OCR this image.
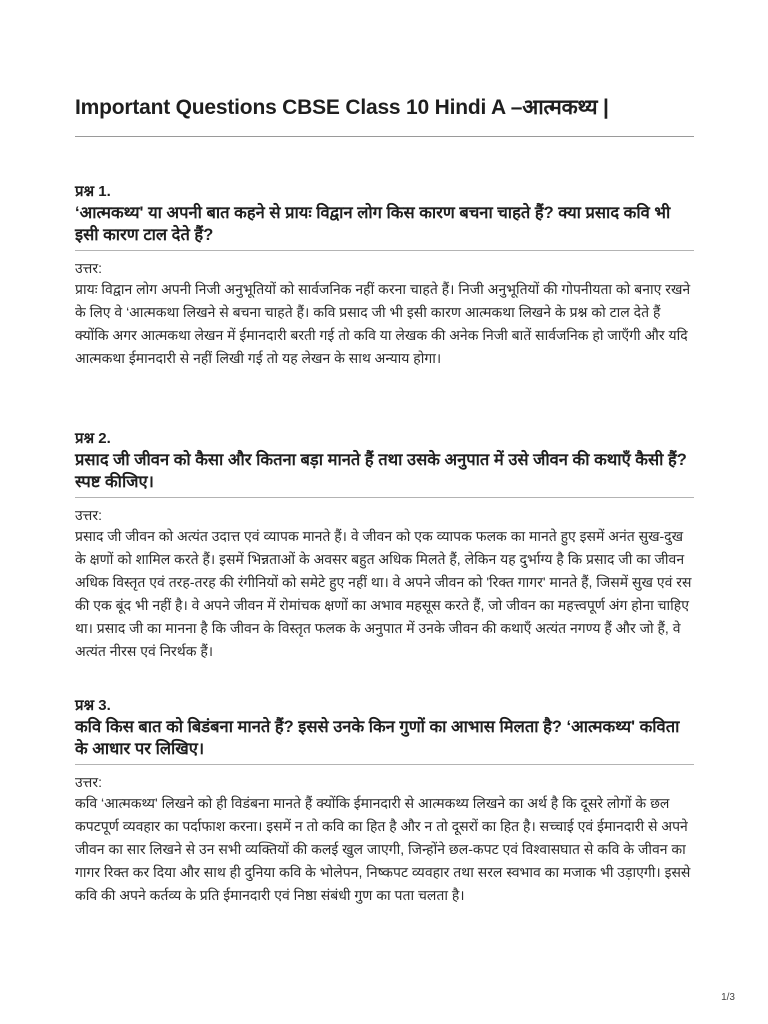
Important Questions CBSE Class 10 Hindi A –आत्मकथ्य |
प्रश्न 1.
‘आत्मकथ्य' या अपनी बात कहने से प्रायः विद्वान लोग किस कारण बचना चाहते हैं? क्या प्रसाद कवि भी इसी कारण टाल देते हैं?
उत्तर:
प्रायः विद्वान लोग अपनी निजी अनुभूतियों को सार्वजनिक नहीं करना चाहते हैं। निजी अनुभूतियों की गोपनीयता को बनाए रखने के लिए वे ‘आत्मकथा लिखने से बचना चाहते हैं। कवि प्रसाद जी भी इसी कारण आत्मकथा लिखने के प्रश्न को टाल देते हैं क्योंकि अगर आत्मकथा लेखन में ईमानदारी बरती गई तो कवि या लेखक की अनेक निजी बातें सार्वजनिक हो जाएँगी और यदि आत्मकथा ईमानदारी से नहीं लिखी गई तो यह लेखन के साथ अन्याय होगा।
प्रश्न 2.
प्रसाद जी जीवन को कैसा और कितना बड़ा मानते हैं तथा उसके अनुपात में उसे जीवन की कथाएँ कैसी हैं? स्पष्ट कीजिए।
उत्तर:
प्रसाद जी जीवन को अत्यंत उदात्त एवं व्यापक मानते हैं। वे जीवन को एक व्यापक फलक का मानते हुए इसमें अनंत सुख-दुख के क्षणों को शामिल करते हैं। इसमें भिन्नताओं के अवसर बहुत अधिक मिलते हैं, लेकिन यह दुर्भाग्य है कि प्रसाद जी का जीवन अधिक विस्तृत एवं तरह-तरह की रंगीनियों को समेटे हुए नहीं था। वे अपने जीवन को 'रिक्त गागर' मानते हैं, जिसमें सुख एवं रस की एक बूंद भी नहीं है। वे अपने जीवन में रोमांचक क्षणों का अभाव महसूस करते हैं, जो जीवन का महत्त्वपूर्ण अंग होना चाहिए था। प्रसाद जी का मानना है कि जीवन के विस्तृत फलक के अनुपात में उनके जीवन की कथाएँ अत्यंत नगण्य हैं और जो हैं, वे अत्यंत नीरस एवं निरर्थक हैं।
प्रश्न 3.
कवि किस बात को बिडंबना मानते हैं? इससे उनके किन गुणों का आभास मिलता है? ‘आत्मकथ्य' कविता के आधार पर लिखिए।
उत्तर:
कवि ‘आत्मकथ्य' लिखने को ही विडंबना मानते हैं क्योंकि ईमानदारी से आत्मकथ्य लिखने का अर्थ है कि दूसरे लोगों के छल कपटपूर्ण व्यवहार का पर्दाफाश करना। इसमें न तो कवि का हित है और न तो दूसरों का हित है। सच्चाई एवं ईमानदारी से अपने जीवन का सार लिखने से उन सभी व्यक्तियों की कलई खुल जाएगी, जिन्होंने छल-कपट एवं विश्वासघात से कवि के जीवन का गागर रिक्त कर दिया और साथ ही दुनिया कवि के भोलेपन, निष्कपट व्यवहार तथा सरल स्वभाव का मजाक भी उड़ाएगी। इससे कवि की अपने कर्तव्य के प्रति ईमानदारी एवं निष्ठा संबंधी गुण का पता चलता है।
1/3
